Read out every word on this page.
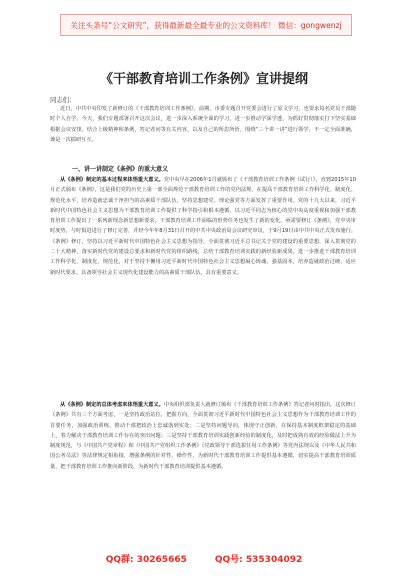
关注头条号“公文研究”，获得最新最全最专业的公文资料库！ 微信：gongwenzj
《干部教育培训工作条例》宣讲提纲
同志们：
近日，中共中央印发了新修订的《干部教育培训工作条例》，前期，市委专题召开党委会进行了原文学习，也要求每名党员干部随时个人自学。今天，我们专题部署召开这次会议，进一步深入系统全面的学习，进一步推动学深学透，为抓好贯彻落实打下坚实基础根据会议安排，结合上级精神和条例，答记者问等有关内容，以及自己的所思所悟，围绕“三个讲一讲”进行领学，不一定全面准确，兼是一次揣研互互。
一、讲一讲制定《条例》的重大意义
从《条例》制定的基本过程来体悟重大意义。党中央早在2006年1月就颁布了《干部教育培训工作条例（试行）》，直到2015年10月正式颁布《条例》，这是我们党的历史上第一部全面规范干部教育培训工作的党内法规，在提高干部教育培训工作科学化、制度化、规范化水平，培养造就忠诚干净担当的高素质干部队伍，坚持思想建党、理论强党等方面发挥了重要作用。党的十九大以来，习近平新时代中国特色社会主义思想为干部教育培训工作提供了科学指引和根本遵循，以习近平同志为核心的党中央高度重视和加强干部教育培训工作提出了一系列新理念新思想新要求，干部教育培训工作面临的形势任务也发生了新的变化，亟需要修订《条例》，党中央审时度势，与时俱进进行了修订完善，并经今年年8月31日召开的中共中央政治局会议研究审议，于9月19日由中共中央正式发布施行。《条例》修订，坚持以习近平新时代中国特色社会主义思想为指导，全面贯彻习近平总书记关于党的建设的重要思想，深入贯彻党的二十大精神，落实新时代党的建设总要求和新时代党的组织路线，总结干部教育培训实践的新经验新成果，进一步推进干部教育培训工作科学化、制度化、规范化，对于坚持不懈用习近平新时代中国特色社会主义思想凝心铸魂、强基固本，培养造就政治过硬、适应新时代要求、具备领导社会主义现代化建设能力的高素质干部队伍，具有重要意义。
从《条例》制定的总体考虑来体悟重大意义。中央组织部负责人就修订颁布《干部教育培训工作条例》答记者问时指出，这次修订《条例》共有三个方面考虑，一是坚持政治站位，把握方向，全面贯彻习近平新时代中国特色社会主义思想作为干部教育培训工作的首要任务，加强政治训练，推动干部把政治上忠诚落到实处；二是坚持问题导向，体现守正创新，在保持基本制度框架稳定的基础上，着力解决干部教育培训工作存在的突出问题；三是坚持干部教育培训实践创新经验的制度化，及时把成熟有效的经验做法上升为制度规范，与《中国共产党章程》和《中国共产党组织工作条例》《党政领导干部选拔任用工作条例》等党内法规以及《中华人民共和国公务员法》等法律规定相衔接，增强条例的针对性、操作性，为新时代干部教育培训工作提供基本遵循，切实提高干部教育培训质量，把干部教育培训工作推向新阶段，为新时代干部教育培训提供基本遵循。
QQ群: 30265665	QQ号: 535304092
